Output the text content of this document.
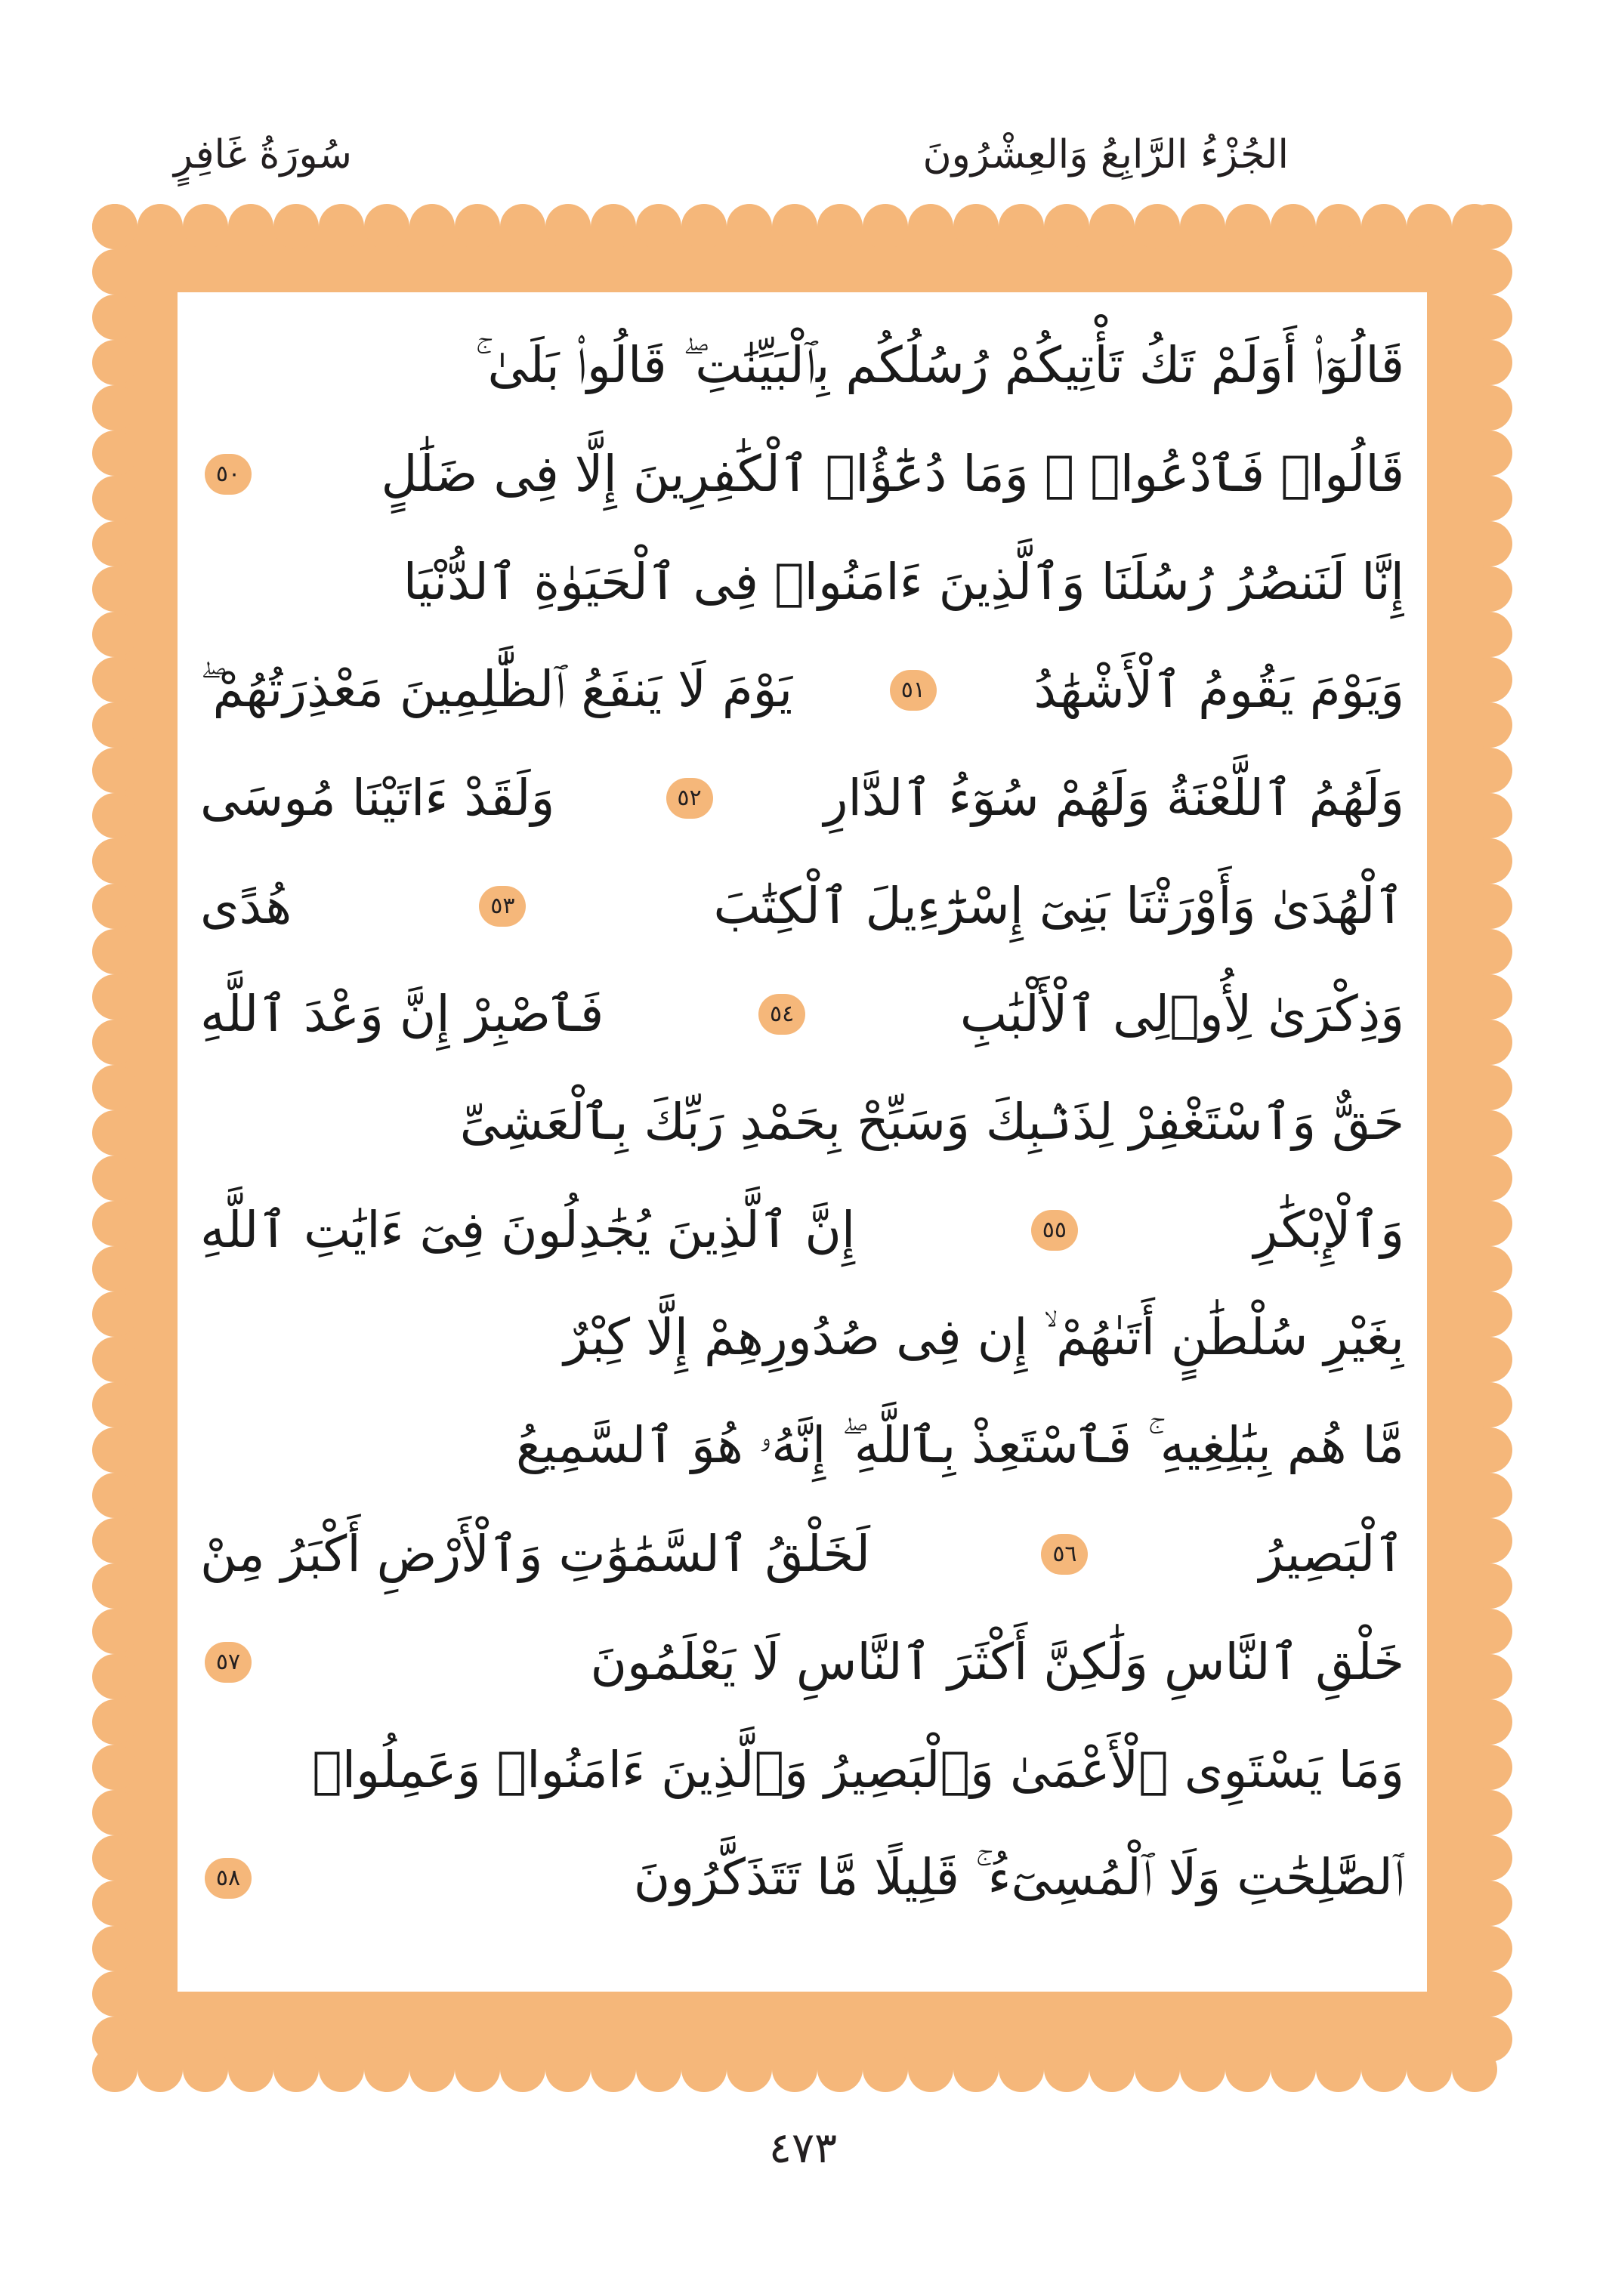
الجُزْءُ الرَّابِعُ وَالعِشْرُونَ
سُورَةُ غَافِرٍ
قَالُوٓا۟ أَوَلَمْ تَكُ تَأْتِيكُمْ رُسُلُكُم بِٱلْبَيِّنَٰتِ ۖ قَالُوا۟ بَلَىٰ ۚ
قَالُوا۟ فَٱدْعُوا۟ ۗ وَمَا دُعَٰٓؤُا۟ ٱلْكَٰفِرِينَ إِلَّا فِى ضَلَٰلٍ
٥٠
إِنَّا لَنَنصُرُ رُسُلَنَا وَٱلَّذِينَ ءَامَنُوا۟ فِى ٱلْحَيَوٰةِ ٱلدُّنْيَا
وَيَوْمَ يَقُومُ ٱلْأَشْهَٰدُ
٥١
يَوْمَ لَا يَنفَعُ ٱلظَّٰلِمِينَ مَعْذِرَتُهُمْ ۖ
وَلَهُمُ ٱللَّعْنَةُ وَلَهُمْ سُوٓءُ ٱلدَّارِ
٥٢
وَلَقَدْ ءَاتَيْنَا مُوسَى
ٱلْهُدَىٰ وَأَوْرَثْنَا بَنِىٓ إِسْرَٰٓءِيلَ ٱلْكِتَٰبَ
٥٣
هُدًى
وَذِكْرَىٰ لِأُو۟لِى ٱلْأَلْبَٰبِ
٥٤
فَٱصْبِرْ إِنَّ وَعْدَ ٱللَّهِ
حَقٌّ وَٱسْتَغْفِرْ لِذَنۢبِكَ وَسَبِّحْ بِحَمْدِ رَبِّكَ بِٱلْعَشِىِّ
وَٱلْإِبْكَٰرِ
٥٥
إِنَّ ٱلَّذِينَ يُجَٰدِلُونَ فِىٓ ءَايَٰتِ ٱللَّهِ
بِغَيْرِ سُلْطَٰنٍ أَتَىٰهُمْ ۙ إِن فِى صُدُورِهِمْ إِلَّا كِبْرٌ
مَّا هُم بِبَٰلِغِيهِ ۚ فَٱسْتَعِذْ بِٱللَّهِ ۖ إِنَّهُۥ هُوَ ٱلسَّمِيعُ
ٱلْبَصِيرُ
٥٦
لَخَلْقُ ٱلسَّمَٰوَٰتِ وَٱلْأَرْضِ أَكْبَرُ مِنْ
خَلْقِ ٱلنَّاسِ وَلَٰكِنَّ أَكْثَرَ ٱلنَّاسِ لَا يَعْلَمُونَ
٥٧
وَمَا يَسْتَوِى ٱلْأَعْمَىٰ وَٱلْبَصِيرُ وَٱلَّذِينَ ءَامَنُوا۟ وَعَمِلُوا۟
ٱلصَّٰلِحَٰتِ وَلَا ٱلْمُسِىٓءُ ۚ قَلِيلًا مَّا تَتَذَكَّرُونَ
٥٨
٤٧٣
